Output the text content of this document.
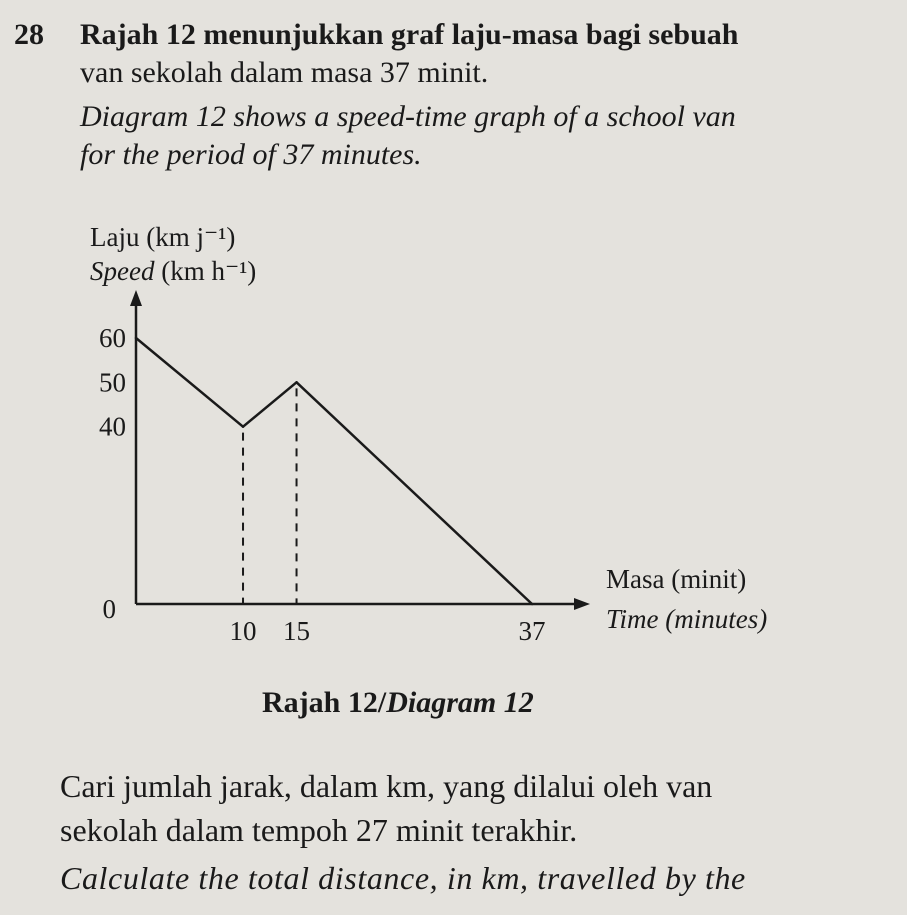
28 Rajah 12 menunjukkan graf laju-masa bagi sebuah
van sekolah dalam masa 37 minit.
Diagram 12 shows a speed-time graph of a school van
for the period of 37 minutes.
Laju (km j⁻¹)
Speed (km h⁻¹)
60
50
40
0
10 15	37
Masa (minit)
Time (minutes)
Rajah 12/Diagram 12
Cari jumlah jarak, dalam km, yang dilalui oleh van
sekolah dalam tempoh 27 minit terakhir.
Calculate the total distance, in km, travelled by the
